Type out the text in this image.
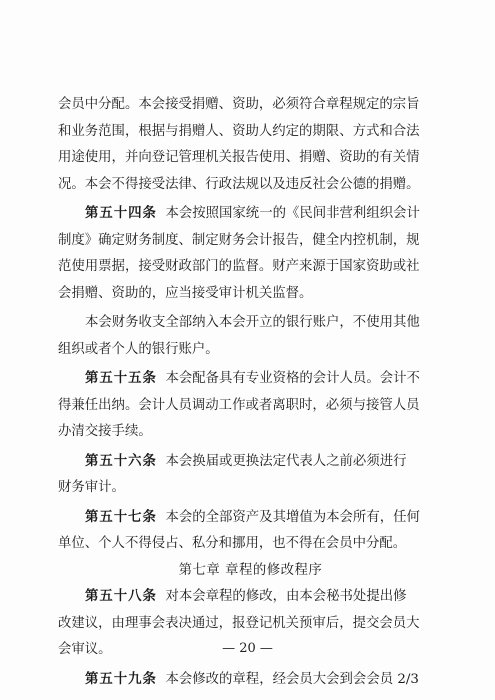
会员中分配。本会接受捐赠、资助，必须符合章程规定的宗旨
和业务范围，根据与捐赠人、资助人约定的期限、方式和合法
用途使用，并向登记管理机关报告使用、捐赠、资助的有关情
况。本会不得接受法律、行政法规以及违反社会公德的捐赠。
第五十四条 本会按照国家统一的《民间非营利组织会计
制度》确定财务制度、制定财务会计报告，健全内控机制，规
范使用票据，接受财政部门的监督。财产来源于国家资助或社
会捐赠、资助的，应当接受审计机关监督。
本会财务收支全部纳入本会开立的银行账户，不使用其他
组织或者个人的银行账户。
第五十五条 本会配备具有专业资格的会计人员。会计不
得兼任出纳。会计人员调动工作或者离职时，必须与接管人员
办清交接手续。
第五十六条 本会换届或更换法定代表人之前必须进行
财务审计。
第五十七条 本会的全部资产及其增值为本会所有，任何
单位、个人不得侵占、私分和挪用，也不得在会员中分配。
第七章 章程的修改程序
第五十八条 对本会章程的修改，由本会秘书处提出修
改建议，由理事会表决通过，报登记机关预审后，提交会员大
会审议。
第五十九条 本会修改的章程，经会员大会到会会员 2/3
— 20 —
